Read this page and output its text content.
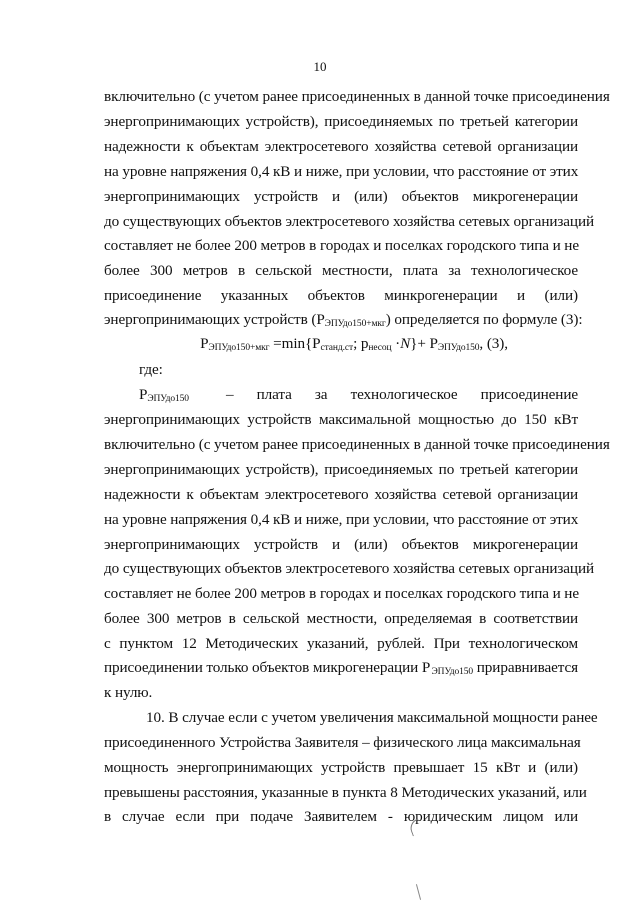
10
включительно (с учетом ранее присоединенных в данной точке присоединения
энергопринимающих устройств), присоединяемых по третьей категории
надежности к объектам электросетевого хозяйства сетевой организации
на уровне напряжения 0,4 кВ и ниже, при условии, что расстояние от этих
энергопринимающих устройств и (или) объектов микрогенерации
до существующих объектов электросетевого хозяйства сетевых организаций
составляет не более 200 метров в городах и поселках городского типа и не
более 300 метров в сельской местности, плата за технологическое
присоединение указанных объектов минкрогенерации и (или)
энергопринимающих устройств $(P_{ЭПУдо150+мкг})$ определяется по формуле (3):
$P_{ЭПУдо150+мкг} =\min\{P_{станд.ст}$; $p_{несоц} \cdot N\}+ P_{ЭПУдо150}$, (3),
где:
$P_{ЭПУдо150}$ – плата за технологическое присоединение
энергопринимающих устройств максимальной мощностью до 150 кВт
включительно (с учетом ранее присоединенных в данной точке присоединения
энергопринимающих устройств), присоединяемых по третьей категории
надежности к объектам электросетевого хозяйства сетевой организации
на уровне напряжения 0,4 кВ и ниже, при условии, что расстояние от этих
энергопринимающих устройств и (или) объектов микрогенерации
до существующих объектов электросетевого хозяйства сетевых организаций
составляет не более 200 метров в городах и поселках городского типа и не
более 300 метров в сельской местности, определяемая в соответствии
с пунктом 12 Методических указаний, рублей. При технологическом
присоединении только объектов микрогенерации P $_{ЭПУдо150}$ приравнивается
к нулю.
10. В случае если с учетом увеличения максимальной мощности ранее
присоединенного Устройства Заявителя – физического лица максимальная
мощность энергопринимающих устройств превышает 15 кВт и (или)
превышены расстояния, указанные в пункта 8 Методических указаний, или
в случае если при подаче Заявителем - юридическим лицом или
